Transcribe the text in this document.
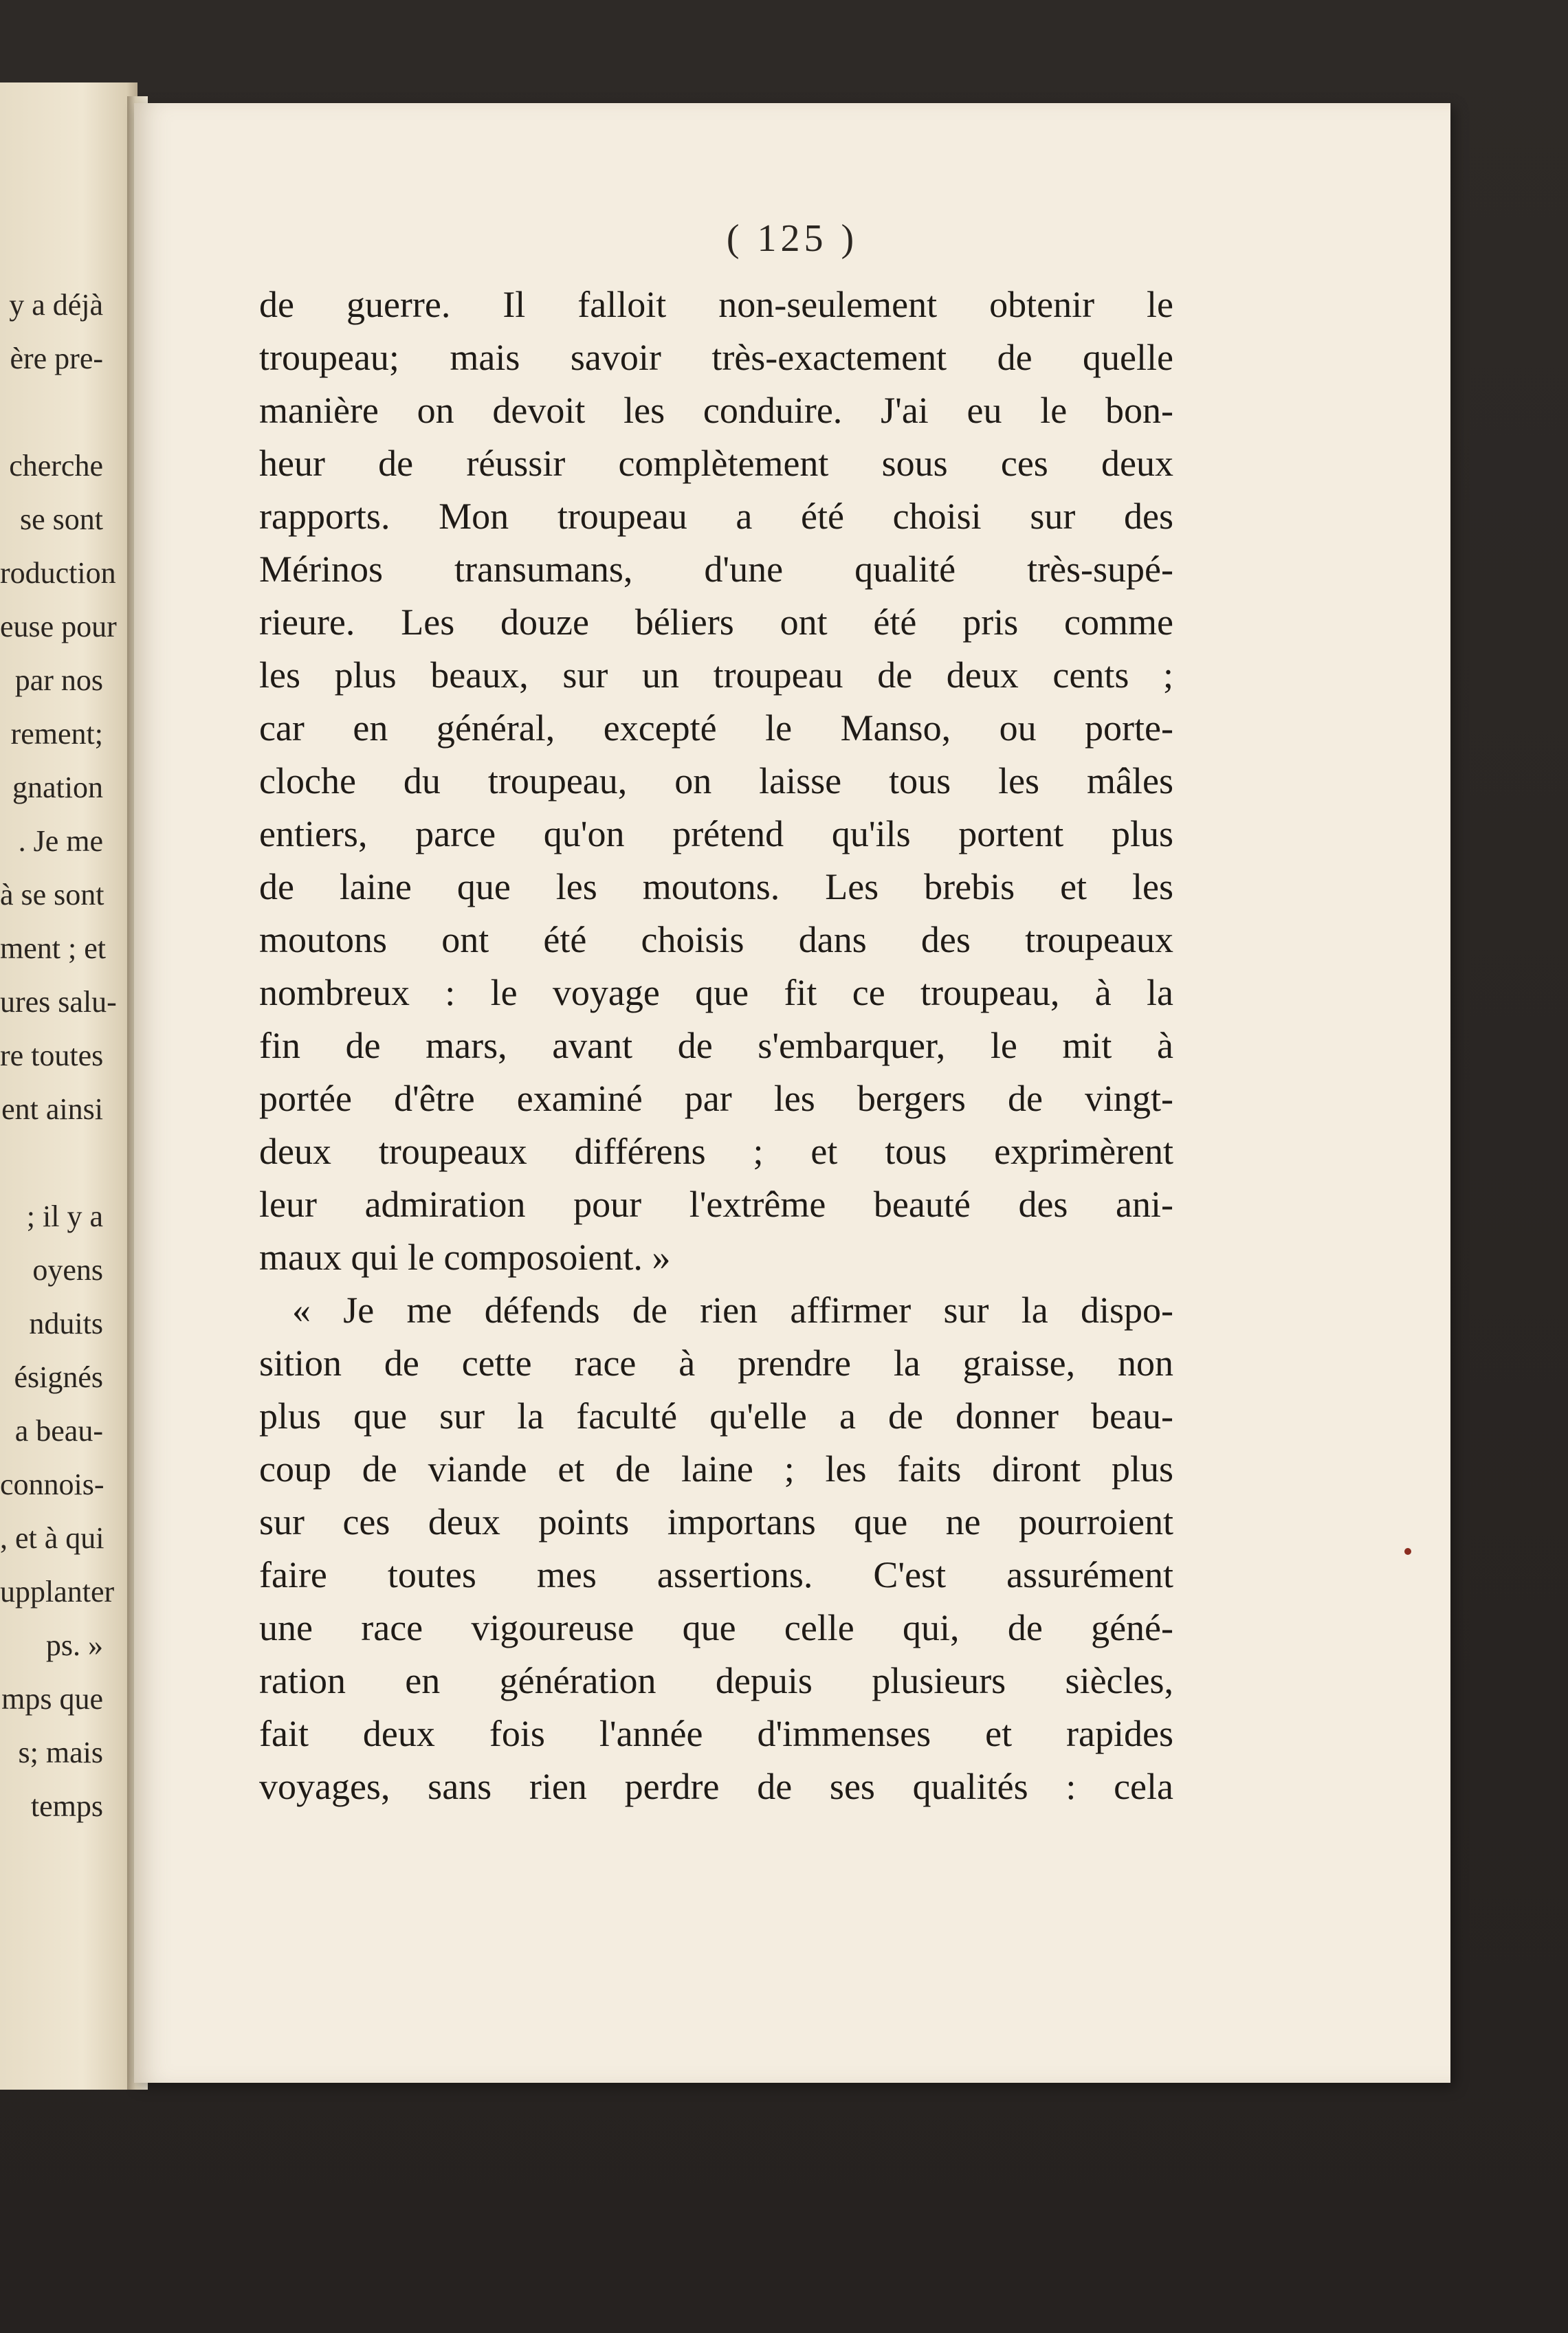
y a déjà
ère pre-
cherche
se sont
roduction
euse pour
par nos
rement;
gnation
. Je me
à se sont
ment ; et
ures salu-
re toutes
ent ainsi
; il y a
oyens
nduits
ésignés
a beau-
connois-
, et à qui
upplanter
ps. »
mps que
s; mais
temps
( 125 )
de guerre. Il falloit non-seulement obtenir le
troupeau; mais savoir très-exactement de quelle
manière on devoit les conduire. J'ai eu le bon-
heur de réussir complètement sous ces deux
rapports. Mon troupeau a été choisi sur des
Mérinos transumans, d'une qualité très-supé-
rieure. Les douze béliers ont été pris comme
les plus beaux, sur un troupeau de deux cents ;
car en général, excepté le Manso, ou porte-
cloche du troupeau, on laisse tous les mâles
entiers, parce qu'on prétend qu'ils portent plus
de laine que les moutons. Les brebis et les
moutons ont été choisis dans des troupeaux
nombreux : le voyage que fit ce troupeau, à la
fin de mars, avant de s'embarquer, le mit à
portée d'être examiné par les bergers de vingt-
deux troupeaux différens ; et tous exprimèrent
leur admiration pour l'extrême beauté des ani-
maux qui le composoient. »
« Je me défends de rien affirmer sur la dispo-
sition de cette race à prendre la graisse, non
plus que sur la faculté qu'elle a de donner beau-
coup de viande et de laine ; les faits diront plus
sur ces deux points importans que ne pourroient
faire toutes mes assertions. C'est assurément
une race vigoureuse que celle qui, de géné-
ration en génération depuis plusieurs siècles,
fait deux fois l'année d'immenses et rapides
voyages, sans rien perdre de ses qualités : cela
